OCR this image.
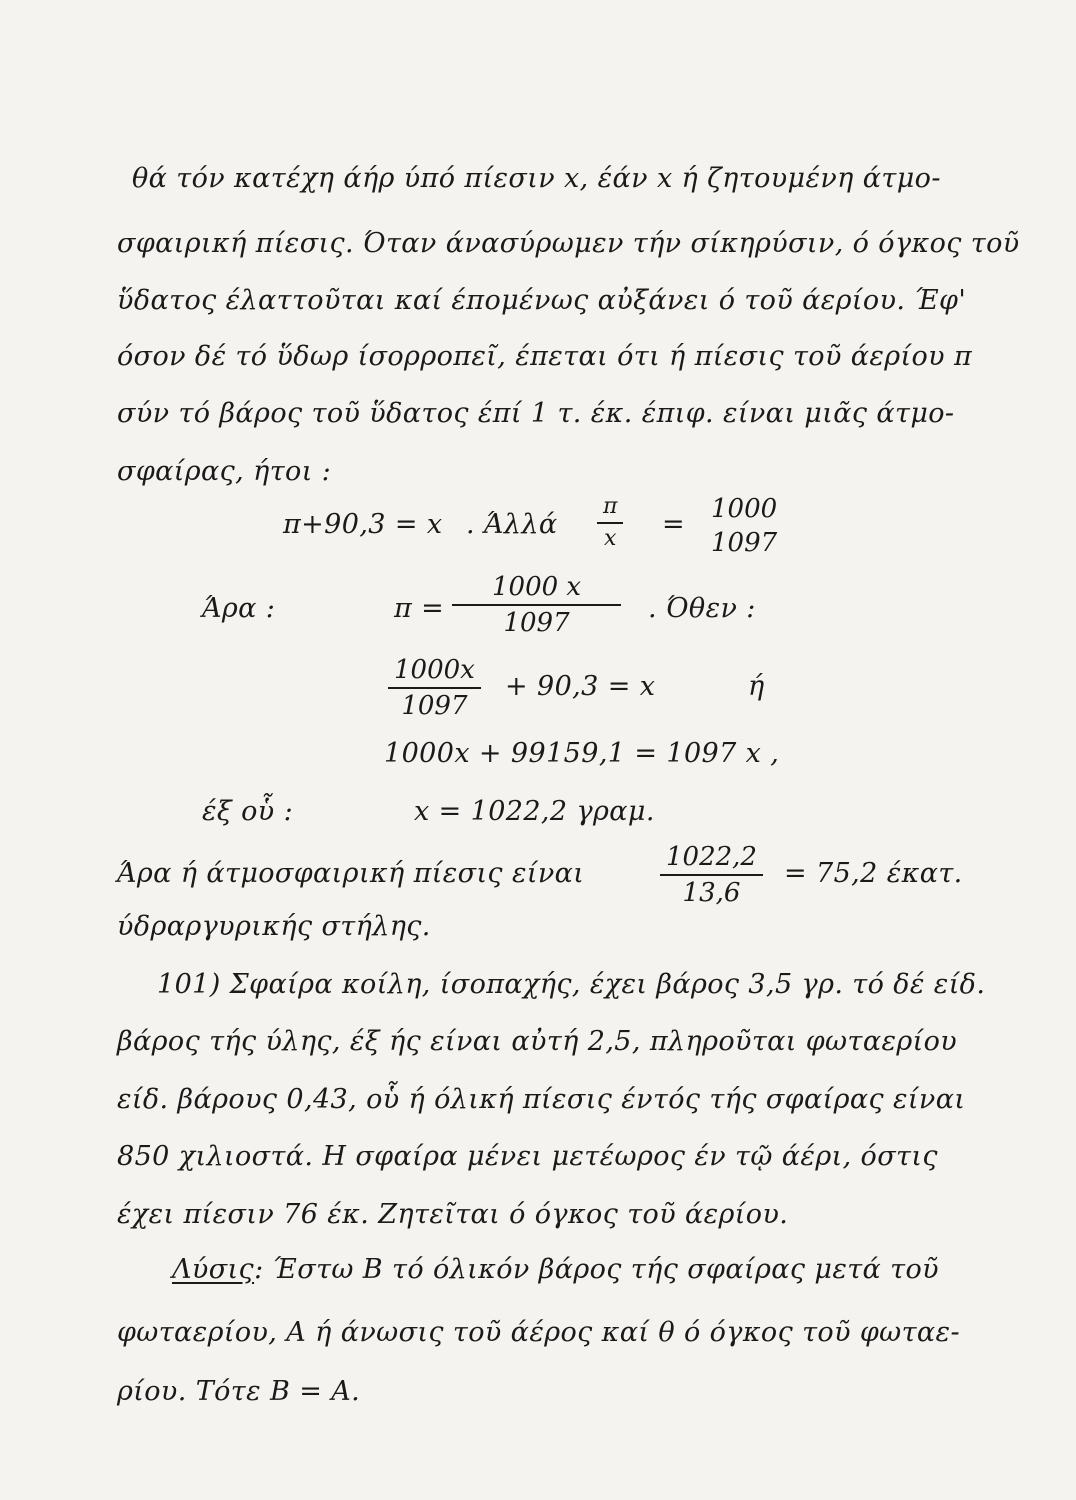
θά τόν κατέχη άήρ ύπό πίεσιν x, έάν x ή ζητουμένη άτμο-
σφαιρική πίεσις. Όταν άνασύρωμεν τήν σίκηρύσιν, ό όγκος τοῦ
ὕδατος έλαττοῦται καί έπομένως αὐξάνει ό τοῦ άερίου. Έφ'
όσον δέ τό ὕδωρ ίσορροπεῖ, έπεται ότι ή πίεσις τοῦ άερίου π
σύν τό βάρος τοῦ ὕδατος έπί 1 τ. έκ. έπιφ. είναι μιᾶς άτμο-
σφαίρας, ήτοι :
π+90,3 = x . Άλλά
π
x = 1000
1097
Άρα :	π =
1000 x
1097	. Όθεν :
1000x
1097
+ 90,3 = x	ή
1000x + 99159,1 = 1097 x ,
έξ οὗ :	x = 1022,2 γραμ.
Άρα ή άτμοσφαιρική πίεσις είναι
1022,2
13,6
= 75,2 έκατ.
ύδραργυρικής στήλης.
101) Σφαίρα κοίλη, ίσοπαχής, έχει βάρος 3,5 γρ. τό δέ είδ.
βάρος τής ύλης, έξ ής είναι αὐτή 2,5, πληροῦται φωταερίου
είδ. βάρους 0,43, οὗ ή όλική πίεσις έντός τής σφαίρας είναι
850 χιλιοστά. Η σφαίρα μένει μετέωρος έν τῷ άέρι, όστις
έχει πίεσιν 76 έκ. Ζητεῖται ό όγκος τοῦ άερίου.
Λύσις: Έστω Β τό όλικόν βάρος τής σφαίρας μετά τοῦ
φωταερίου, Α ή άνωσις τοῦ άέρος καί θ ό όγκος τοῦ φωταε-
ρίου. Τότε Β = Α.
